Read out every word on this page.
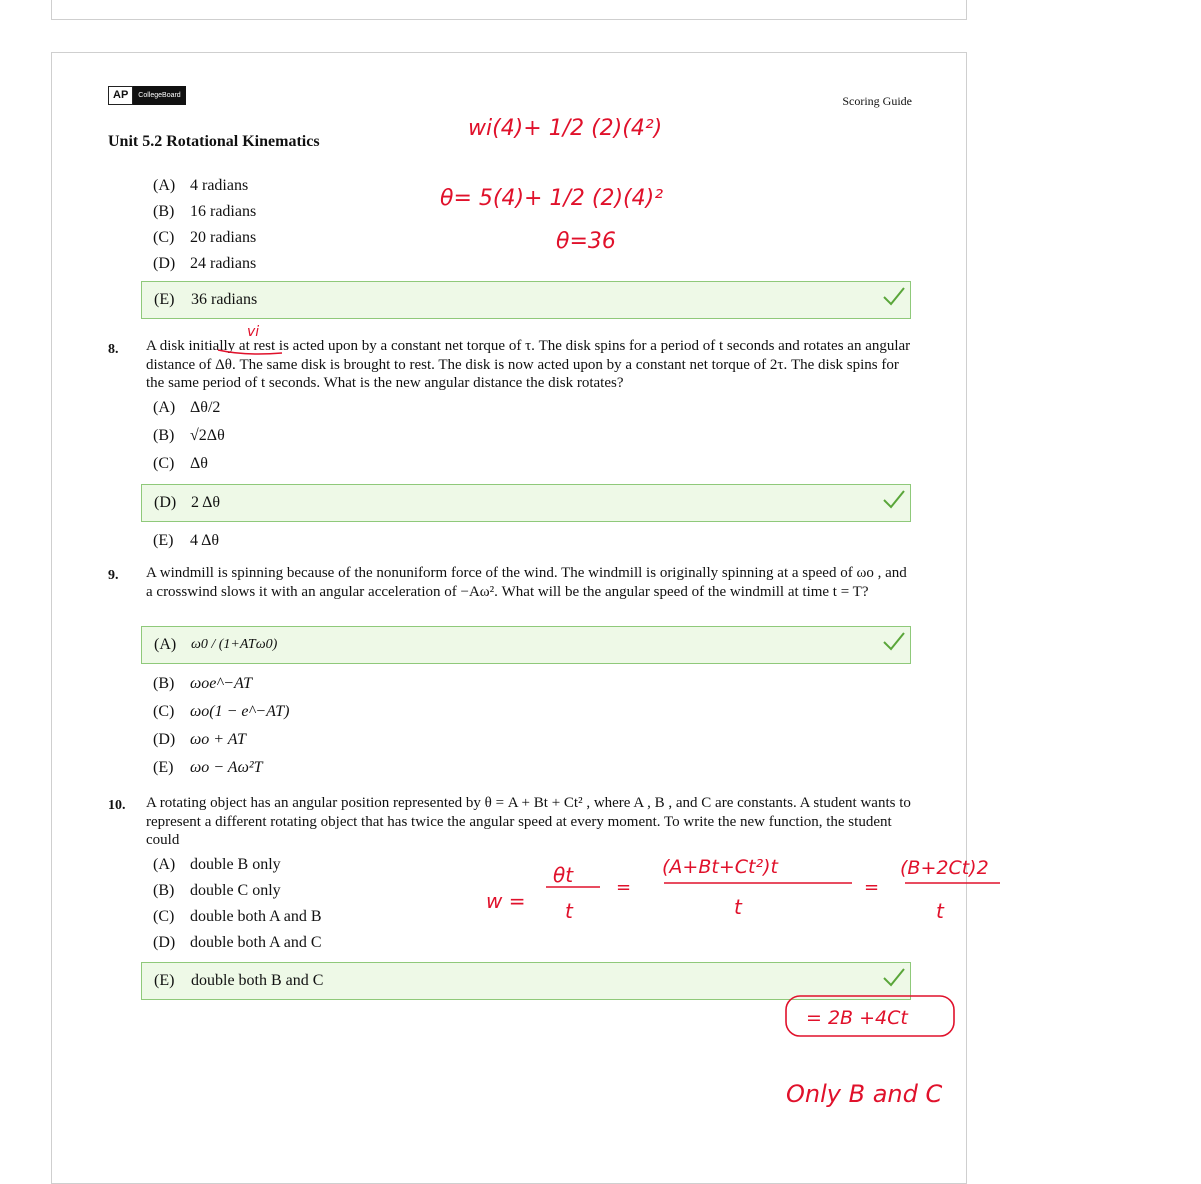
AP	CollegeBoard	Scoring Guide
Unit 5.2 Rotational Kinematics
(A) 4 radians
(B) 16 radians
(C) 20 radians
(D) 24 radians
(E)	36 radians
8. A disk initially at rest is acted upon by a constant net torque of τ. The disk spins for a period of t seconds and rotates an angular distance of Δθ. The same disk is brought to rest. The disk is now acted upon by a constant net torque of 2τ. The disk spins for the same period of t seconds. What is the new angular distance the disk rotates?
(A) Δθ/2
(B) √2Δθ
(C) Δθ
(D) 2 Δθ
(E)	4 Δθ
9. A windmill is spinning because of the nonuniform force of the wind. The windmill is originally spinning at a speed of ωo , and a crosswind slows it with an angular acceleration of −Aω². What will be the angular speed of the windmill at time t = T?
(A)	ω0 / (1+ATω0)
(B) ωoe^−AT
(C) ωo(1 − e^−AT)
(D) ωo + AT
(E)	ωo − Aω²T
10. A rotating object has an angular position represented by θ = A + Bt + Ct² , where A , B , and C are constants. A student wants to represent a different rotating object that has twice the angular speed at every moment. To write the new function, the student could
(A) double B only
(B) double C only
(C) double both A and B
(D) double both A and C
(E)	double both B and C
wi(4)+ 1/2 (2)(4²)
θ= 5(4)+ 1/2 (2)(4)²
θ=36
vi
w =
θt
t
=
(A+Bt+Ct²)t
t
=
(B+2Ct)2
t
= 2B +4Ct
Only B and C
